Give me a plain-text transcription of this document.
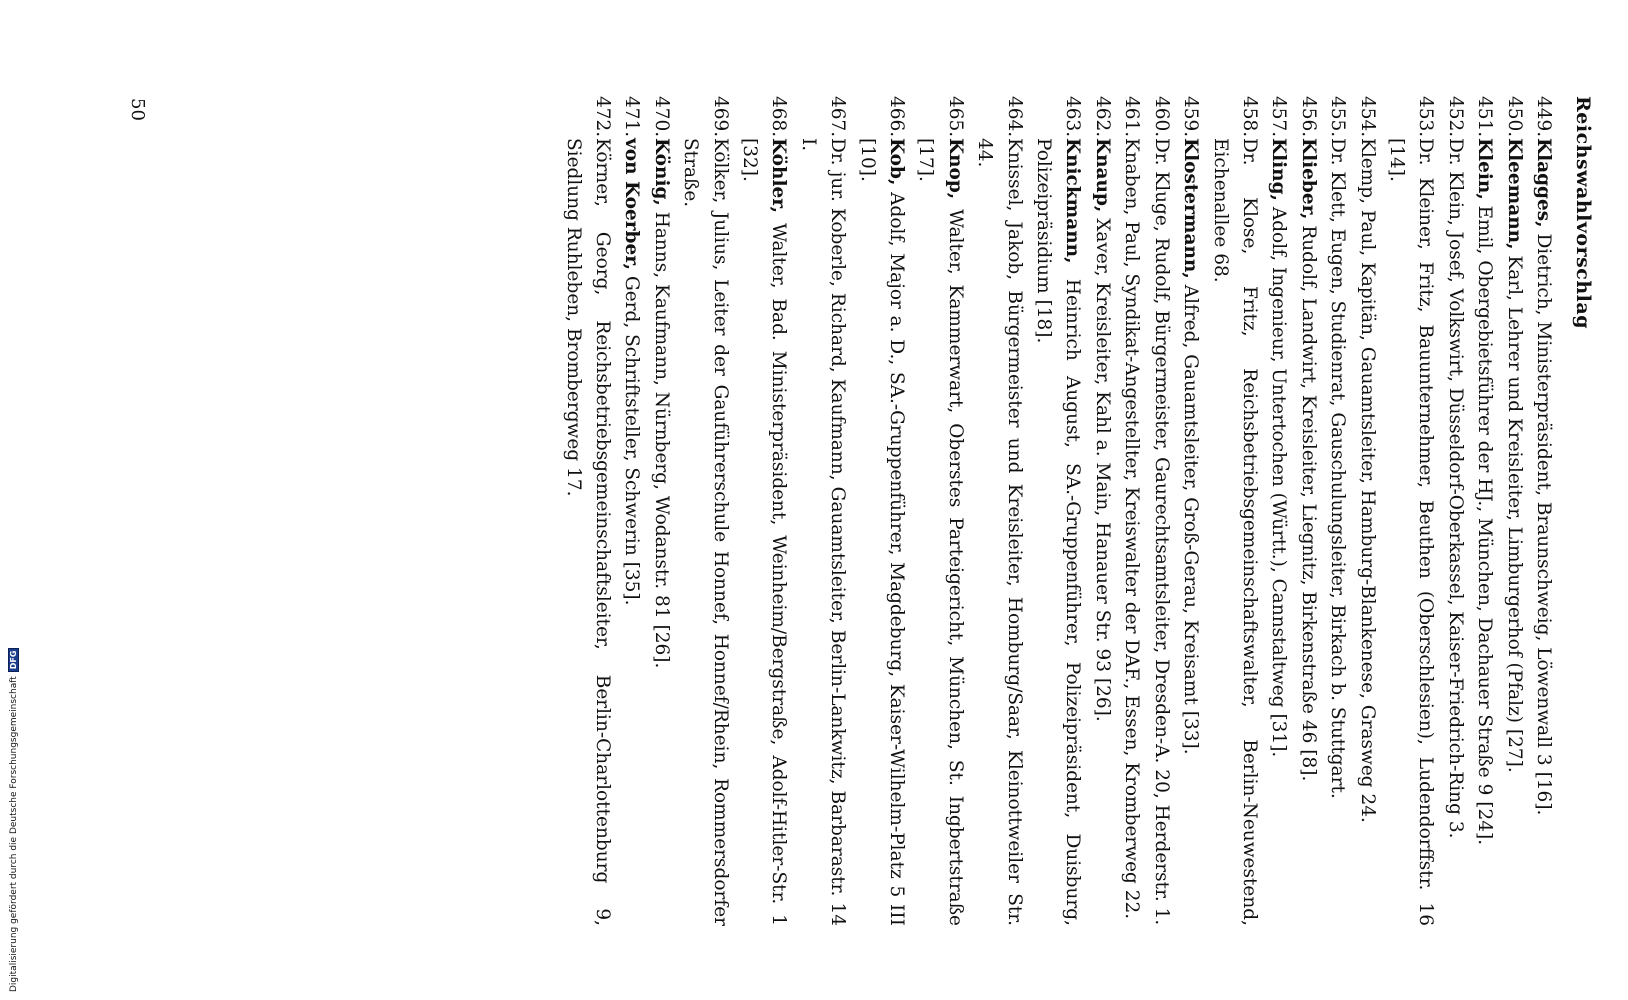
Reichswahlvorschlag
449.
Klagges, Dietrich, Ministerpräsident, Braunschweig, Löwenwall 3 [16].
450.
Kleemann, Karl, Lehrer und Kreisleiter, Limburgerhof (Pfalz) [27].
451.
Klein, Emil, Obergebietsführer der HJ., München, Dachauer Straße 9 [24].
452.
Dr. Klein, Josef, Volkswirt, Düsseldorf-Oberkassel, Kaiser-Friedrich-Ring 3.
453.
Dr. Kleiner, Fritz, Bauunternehmer, Beuthen (Oberschlesien), Ludendorffstr. 16 [14].
454.
Klemp, Paul, Kapitän, Gauamtsleiter, Hamburg-Blankenese, Grasweg 24.
455.
Dr. Klett, Eugen, Studienrat, Gauschulungsleiter, Birkach b. Stuttgart.
456.
Klieber, Rudolf, Landwirt, Kreisleiter, Liegnitz, Birkenstraße 46 [8].
457.
Kling, Adolf, Ingenieur, Untertochen (Württ.), Cannstaltweg [31].
458.
Dr. Klose, Fritz, Reichsbetriebsgemeinschaftswalter, Berlin-Neuwestend, Eichenallee 68.
459.
Klostermann, Alfred, Gauamtsleiter, Groß-Gerau, Kreisamt [33].
460.
Dr. Kluge, Rudolf, Bürgermeister, Gaurechtsamtsleiter, Dresden-A. 20, Herderstr. 1.
461.
Knaben, Paul, Syndikat-Angestellter, Kreiswalter der DAF., Essen, Kromberweg 22.
462.
Knaup, Xaver, Kreisleiter, Kahl a. Main, Hanauer Str. 93 [26].
463.
Knickmann, Heinrich August, SA.-Gruppenführer, Polizeipräsident, Duisburg, Polizeipräsidium [18].
464.
Knissel, Jakob, Bürgermeister und Kreisleiter, Homburg/Saar, Kleinottweiler Str. 44.
465.
Knop, Walter, Kammerwart, Oberstes Parteigericht, München, St. Ingbertstraße [17].
466.
Kob, Adolf, Major a. D., SA.-Gruppenführer, Magdeburg, Kaiser-Wilhelm-Platz 5 III [10].
467.
Dr. jur. Koberle, Richard, Kaufmann, Gauamtsleiter, Berlin-Lankwitz, Barbarastr. 14 I.
468.
Köhler, Walter, Bad. Ministerpräsident, Weinheim/Bergstraße, Adolf-Hitler-Str. 1 [32].
469.
Kölker, Julius, Leiter der Gauführerschule Honnef, Honnef/Rhein, Rommersdorfer Straße.
470.
König, Hanns, Kaufmann, Nürnberg, Wodanstr. 81 [26].
471.
von Koerber, Gerd, Schriftsteller, Schwerin [35].
472.
Körner, Georg, Reichsbetriebsgemeinschaftsleiter, Berlin-Charlottenburg 9, Siedlung Ruhleben, Brombergweg 17.
50
Digitalisierung gefördert durch die Deutsche Forschungsgemeinschaft
DFG
